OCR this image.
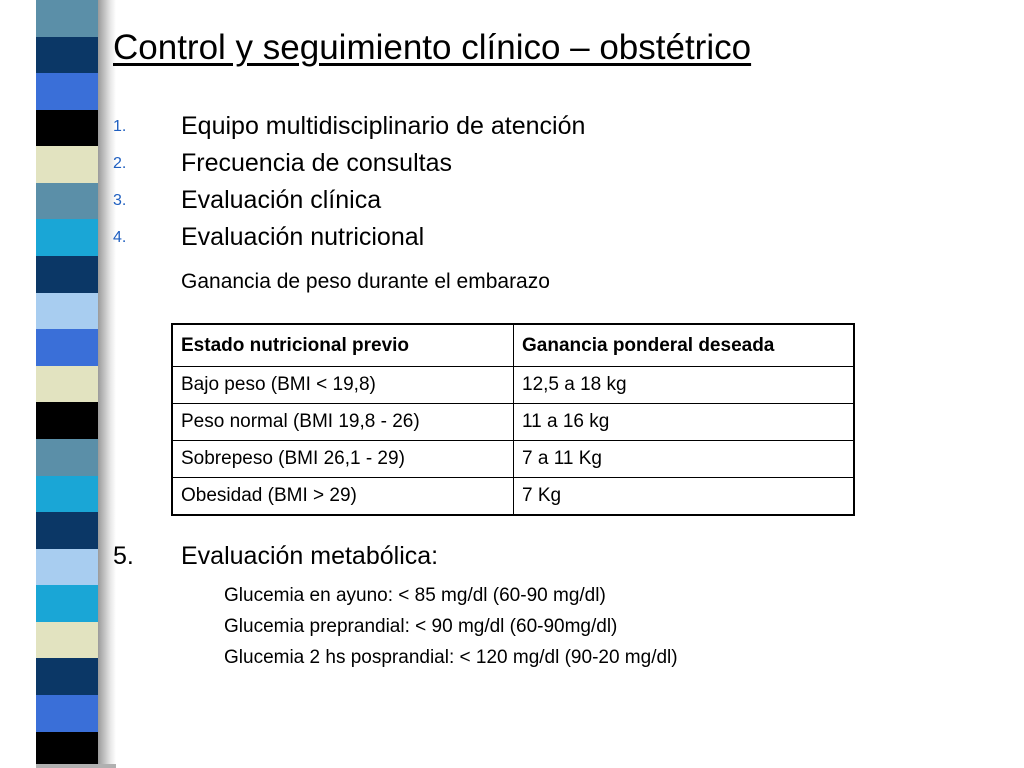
Control y seguimiento clínico – obstétrico
1.	Equipo multidisciplinario de atención
2.	Frecuencia de consultas
3.	Evaluación clínica
4.	Evaluación nutricional
Ganancia de peso durante el embarazo
Estado nutricional previo	Ganancia ponderal deseada
Bajo peso (BMI < 19,8)	12,5 a 18 kg
Peso normal (BMI 19,8 - 26)	11 a 16 kg
Sobrepeso (BMI 26,1 - 29)	7 a 11 Kg
Obesidad (BMI > 29)	7 Kg
5. Evaluación metabólica:
Glucemia en ayuno: < 85 mg/dl (60-90 mg/dl)
Glucemia preprandial: < 90 mg/dl (60-90mg/dl)
Glucemia 2 hs posprandial: < 120 mg/dl (90-20 mg/dl)
